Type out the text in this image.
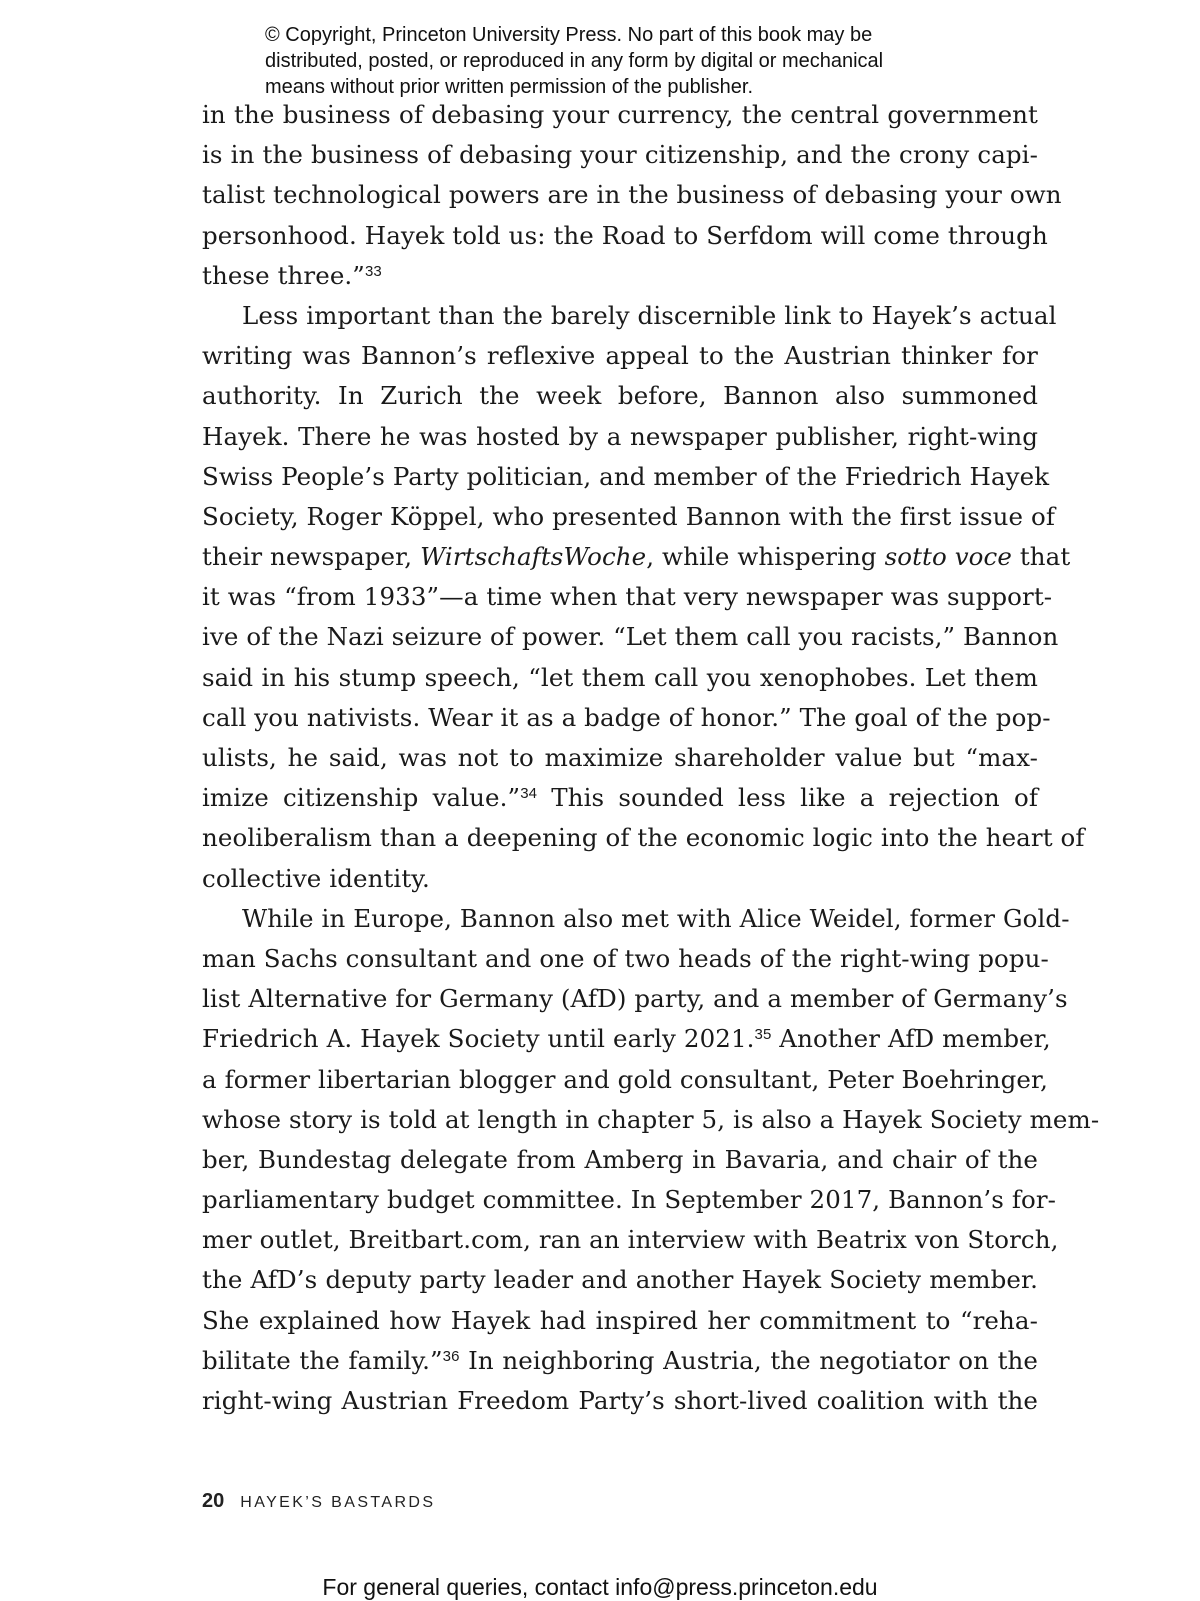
© Copyright, Princeton University Press. No part of this book may be
distributed, posted, or reproduced in any form by digital or mechanical
means without prior written permission of the publisher.
in the business of debasing your currency, the central government
is in the business of debasing your citizenship, and the crony capi-
talist technological powers are in the business of debasing your own
personhood. Hayek told us: the Road to Serfdom will come through
these three.”$^{33}$
Less important than the barely discernible link to Hayek’s actual
writing was Bannon’s reflexive appeal to the Austrian thinker for
authority. In Zurich the week before, Bannon also summoned
Hayek. There he was hosted by a newspaper publisher, right-wing
Swiss People’s Party politician, and member of the Friedrich Hayek
Society, Roger Köppel, who presented Bannon with the first issue of
their newspaper, WirtschaftsWoche, while whispering sotto voce that
it was “from 1933”—a time when that very newspaper was support-
ive of the Nazi seizure of power. “Let them call you racists,” Bannon
said in his stump speech, “let them call you xenophobes. Let them
call you nativists. Wear it as a badge of honor.” The goal of the pop-
ulists, he said, was not to maximize shareholder value but “max-
imize citizenship value.”$^{34}$ This sounded less like a rejection of
neoliberalism than a deepening of the economic logic into the heart of
collective identity.
While in Europe, Bannon also met with Alice Weidel, former Gold-
man Sachs consultant and one of two heads of the right-wing popu-
list Alternative for Germany (AfD) party, and a member of Germany’s
Friedrich A. Hayek Society until early 2021.35 Another AfD member,
a former libertarian blogger and gold consultant, Peter Boehringer,
whose story is told at length in chapter 5, is also a Hayek Society mem-
ber, Bundestag delegate from Amberg in Bavaria, and chair of the
parliamentary budget committee. In September 2017, Bannon’s for-
mer outlet, Breitbart.com, ran an interview with Beatrix von Storch,
the AfD’s deputy party leader and another Hayek Society member.
She explained how Hayek had inspired her commitment to “reha-
bilitate the family.”$^{36}$ In neighboring Austria, the negotiator on the
right-wing Austrian Freedom Party’s short-lived coalition with the
20 HAYEK’S BASTARDS
For general queries, contact info@press.princeton.edu
